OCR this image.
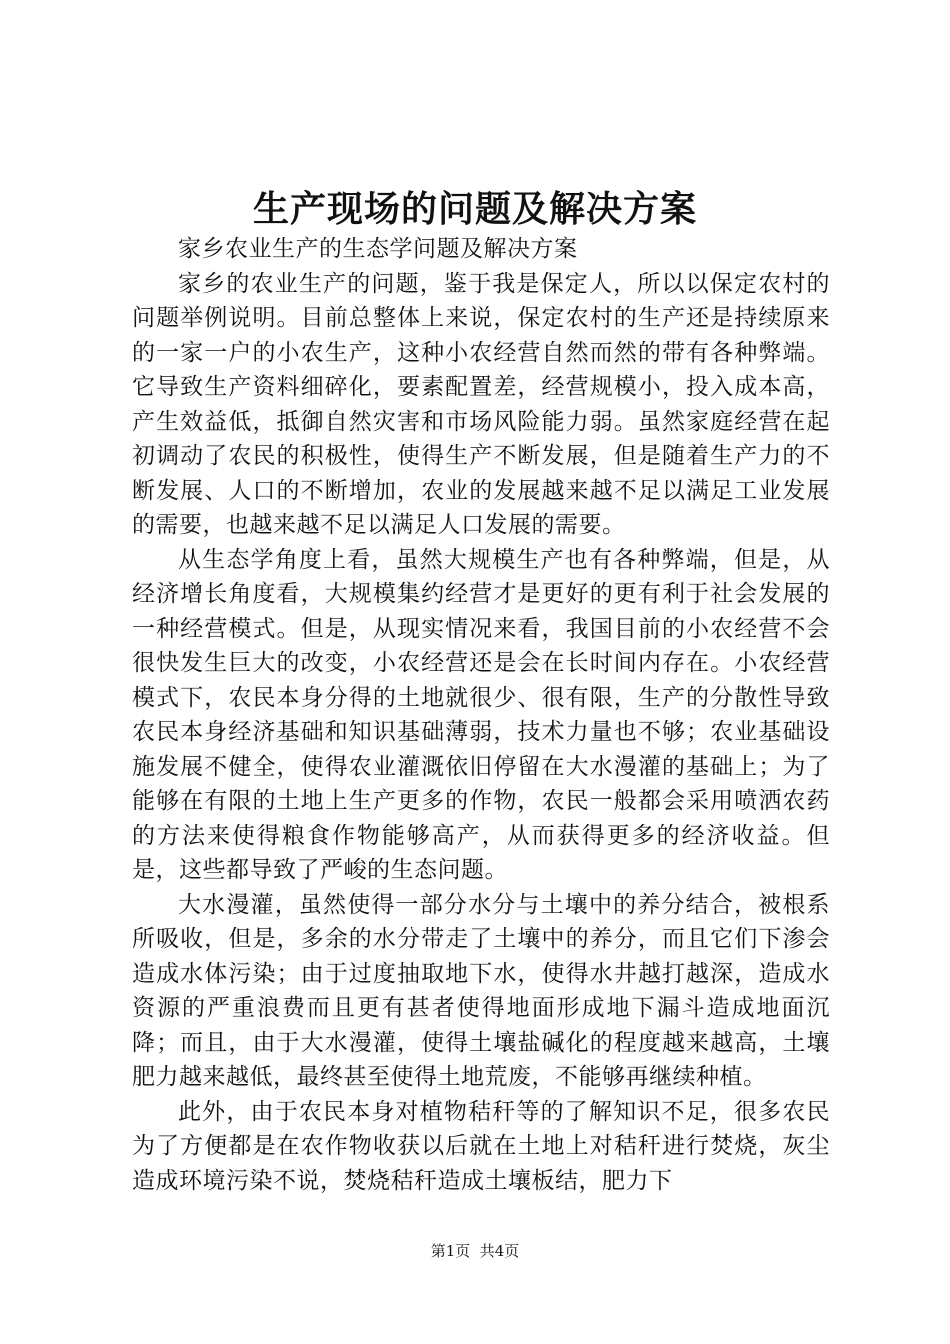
生产现场的问题及解决方案

家乡农业生产的生态学问题及解决方案

家乡的农业生产的问题，鉴于我是保定人，所以以保定农村的问题举例说明。目前总整体上来说，保定农村的生产还是持续原来的一家一户的小农生产，这种小农经营自然而然的带有各种弊端。它导致生产资料细碎化，要素配置差，经营规模小，投入成本高，产生效益低，抵御自然灾害和市场风险能力弱。虽然家庭经营在起初调动了农民的积极性，使得生产不断发展，但是随着生产力的不断发展、人口的不断增加，农业的发展越来越不足以满足工业发展的需要，也越来越不足以满足人口发展的需要。

从生态学角度上看，虽然大规模生产也有各种弊端，但是，从经济增长角度看，大规模集约经营才是更好的更有利于社会发展的一种经营模式。但是，从现实情况来看，我国目前的小农经营不会很快发生巨大的改变，小农经营还是会在长时间内存在。小农经营模式下，农民本身分得的土地就很少、很有限，生产的分散性导致农民本身经济基础和知识基础薄弱，技术力量也不够；农业基础设施发展不健全，使得农业灌溉依旧停留在大水漫灌的基础上；为了能够在有限的土地上生产更多的作物，农民一般都会采用喷洒农药的方法来使得粮食作物能够高产，从而获得更多的经济收益。但是，这些都导致了严峻的生态问题。

大水漫灌，虽然使得一部分水分与土壤中的养分结合，被根系所吸收，但是，多余的水分带走了土壤中的养分，而且它们下渗会造成水体污染；由于过度抽取地下水，使得水井越打越深，造成水资源的严重浪费而且更有甚者使得地面形成地下漏斗造成地面沉降；而且，由于大水漫灌，使得土壤盐碱化的程度越来越高，土壤肥力越来越低，最终甚至使得土地荒废，不能够再继续种植。

此外，由于农民本身对植物秸秆等的了解知识不足，很多农民为了方便都是在农作物收获以后就在土地上对秸秆进行焚烧，灰尘造成环境污染不说，焚烧秸秆造成土壤板结，肥力下

第1页  共4页
